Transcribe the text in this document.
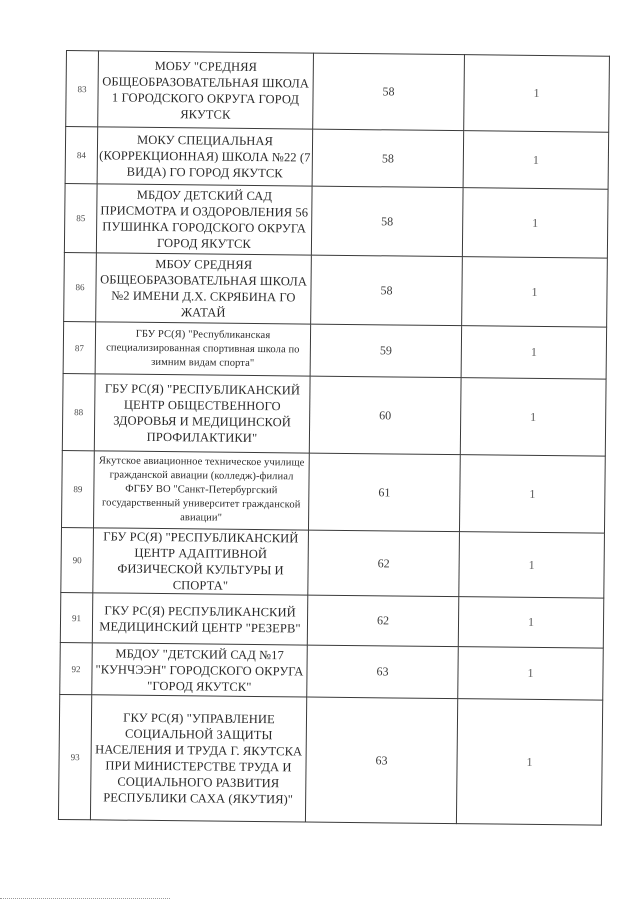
83	МОБУ "СРЕДНЯЯ ОБЩЕОБРАЗОВАТЕЛЬНАЯ ШКОЛА 1 ГОРОДСКОГО ОКРУГА ГОРОД ЯКУТСК	58	1
84	МОКУ СПЕЦИАЛЬНАЯ (КОРРЕКЦИОННАЯ) ШКОЛА №22 (7 ВИДА) ГО ГОРОД ЯКУТСК	58	1
85	МБДОУ ДЕТСКИЙ САД ПРИСМОТРА И ОЗДОРОВЛЕНИЯ 56 ПУШИНКА ГОРОДСКОГО ОКРУГА ГОРОД ЯКУТСК	58	1
86	МБОУ СРЕДНЯЯ ОБЩЕОБРАЗОВАТЕЛЬНАЯ ШКОЛА №2 ИМЕНИ Д.Х. СКРЯБИНА ГО ЖАТАЙ	58	1
87	ГБУ РС(Я) "Республиканская специализированная спортивная школа по зимним видам спорта"	59	1
88	ГБУ РС(Я) "РЕСПУБЛИКАНСКИЙ ЦЕНТР ОБЩЕСТВЕННОГО ЗДОРОВЬЯ И МЕДИЦИНСКОЙ ПРОФИЛАКТИКИ"	60	1
89	Якутское авиационное техническое училище гражданской авиации (колледж)-филиал ФГБУ ВО "Санкт-Петербургский государственный университет гражданской авиации"	61	1
90	ГБУ РС(Я) "РЕСПУБЛИКАНСКИЙ ЦЕНТР АДАПТИВНОЙ ФИЗИЧЕСКОЙ КУЛЬТУРЫ И СПОРТА"	62	1
91	ГКУ РС(Я) РЕСПУБЛИКАНСКИЙ МЕДИЦИНСКИЙ ЦЕНТР "РЕЗЕРВ"	62	1
92	МБДОУ "ДЕТСКИЙ САД №17 "КУНЧЭЭН" ГОРОДСКОГО ОКРУГА "ГОРОД ЯКУТСК"	63	1
93	ГКУ РС(Я) "УПРАВЛЕНИЕ СОЦИАЛЬНОЙ ЗАЩИТЫ НАСЕЛЕНИЯ И ТРУДА Г. ЯКУТСКА ПРИ МИНИСТЕРСТВЕ ТРУДА И СОЦИАЛЬНОГО РАЗВИТИЯ РЕСПУБЛИКИ САХА (ЯКУТИЯ)"	63	1
